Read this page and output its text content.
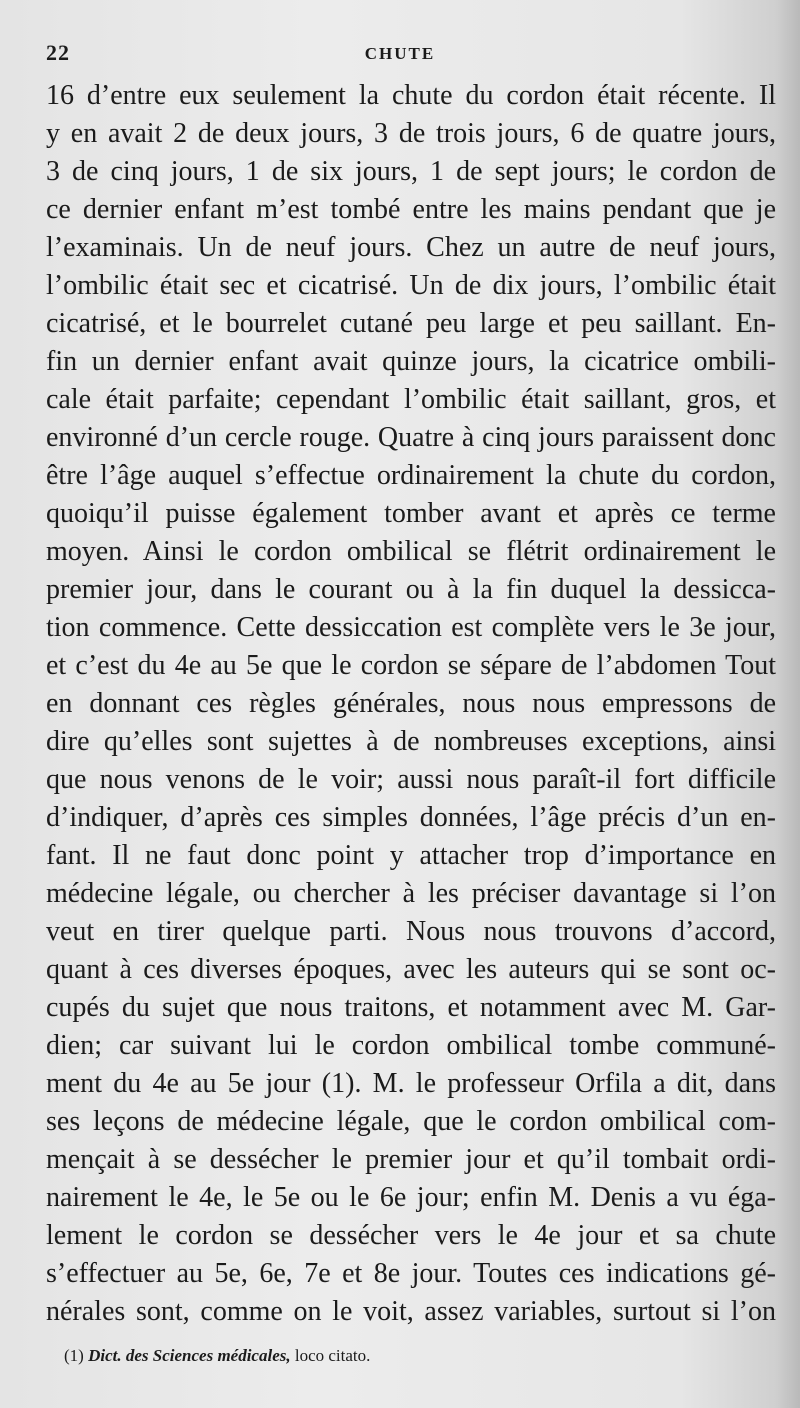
22	CHUTE
16 d’entre eux seulement la chute du cordon était récente. Il
y en avait 2 de deux jours, 3 de trois jours, 6 de quatre jours,
3 de cinq jours, 1 de six jours, 1 de sept jours; le cordon de
ce dernier enfant m’est tombé entre les mains pendant que je
l’examinais. Un de neuf jours. Chez un autre de neuf jours,
l’ombilic était sec et cicatrisé. Un de dix jours, l’ombilic était
cicatrisé, et le bourrelet cutané peu large et peu saillant. En-
fin un dernier enfant avait quinze jours, la cicatrice ombili-
cale était parfaite; cependant l’ombilic était saillant, gros, et
environné d’un cercle rouge. Quatre à cinq jours paraissent donc
être l’âge auquel s’effectue ordinairement la chute du cordon,
quoiqu’il puisse également tomber avant et après ce terme
moyen. Ainsi le cordon ombilical se flétrit ordinairement le
premier jour, dans le courant ou à la fin duquel la dessicca-
tion commence. Cette dessiccation est complète vers le 3e jour,
et c’est du 4e au 5e que le cordon se sépare de l’abdomen Tout
en donnant ces règles générales, nous nous empressons de
dire qu’elles sont sujettes à de nombreuses exceptions, ainsi
que nous venons de le voir; aussi nous paraît-il fort difficile
d’indiquer, d’après ces simples données, l’âge précis d’un en-
fant. Il ne faut donc point y attacher trop d’importance en
médecine légale, ou chercher à les préciser davantage si l’on
veut en tirer quelque parti. Nous nous trouvons d’accord,
quant à ces diverses époques, avec les auteurs qui se sont oc-
cupés du sujet que nous traitons, et notamment avec M. Gar-
dien; car suivant lui le cordon ombilical tombe communé-
ment du 4e au 5e jour (1). M. le professeur Orfila a dit, dans
ses leçons de médecine légale, que le cordon ombilical com-
mençait à se dessécher le premier jour et qu’il tombait ordi-
nairement le 4e, le 5e ou le 6e jour; enfin M. Denis a vu éga-
lement le cordon se dessécher vers le 4e jour et sa chute
s’effectuer au 5e, 6e, 7e et 8e jour. Toutes ces indications gé-
nérales sont, comme on le voit, assez variables, surtout si l’on
(1) Dict. des Sciences médicales, loco citato.
